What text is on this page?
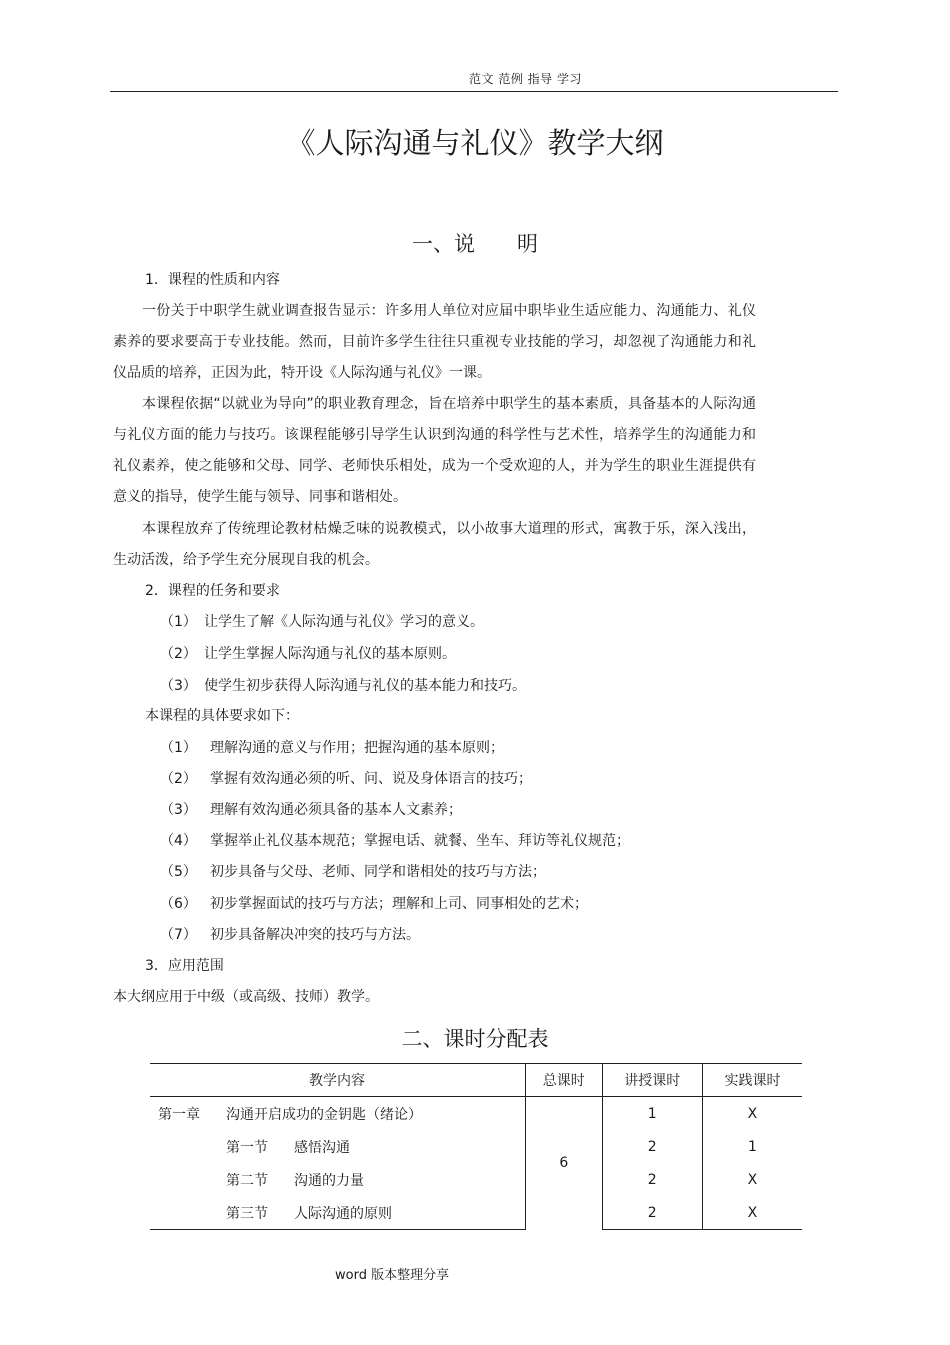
范文 范例 指导 学习
《人际沟通与礼仪》教学大纲
一、说　　明
1．课程的性质和内容

一份关于中职学生就业调查报告显示：许多用人单位对应届中职毕业生适应能力、沟通能力、礼仪素养的要求要高于专业技能。然而，目前许多学生往往只重视专业技能的学习，却忽视了沟通能力和礼仪品质的培养，正因为此，特开设《人际沟通与礼仪》一课。

本课程依据“以就业为导向”的职业教育理念，旨在培养中职学生的基本素质，具备基本的人际沟通与礼仪方面的能力与技巧。该课程能够引导学生认识到沟通的科学性与艺术性，培养学生的沟通能力和礼仪素养，使之能够和父母、同学、老师快乐相处，成为一个受欢迎的人，并为学生的职业生涯提供有意义的指导，使学生能与领导、同事和谐相处。

本课程放弃了传统理论教材枯燥乏味的说教模式，以小故事大道理的形式，寓教于乐，深入浅出，生动活泼，给予学生充分展现自我的机会。

2．课程的任务和要求
（1） 让学生了解《人际沟通与礼仪》学习的意义。
（2） 让学生掌握人际沟通与礼仪的基本原则。
（3） 使学生初步获得人际沟通与礼仪的基本能力和技巧。
本课程的具体要求如下：
（1） 理解沟通的意义与作用；把握沟通的基本原则；
（2） 掌握有效沟通必须的听、问、说及身体语言的技巧；
（3） 理解有效沟通必须具备的基本人文素养；
（4） 掌握举止礼仪基本规范；掌握电话、就餐、坐车、拜访等礼仪规范；
（5） 初步具备与父母、老师、同学和谐相处的技巧与方法；
（6） 初步掌握面试的技巧与方法；理解和上司、同事相处的艺术；
（7） 初步具备解决冲突的技巧与方法。
3．应用范围
本大纲应用于中级（或高级、技师）教学。
二、课时分配表
教学内容	总课时	讲授课时	实践课时
第一章 沟通开启成功的金钥匙（绪论）	6	1	X
第一节 感悟沟通		2	1
第二节 沟通的力量		2	X
第三节 人际沟通的原则		2	X
word 版本整理分享
